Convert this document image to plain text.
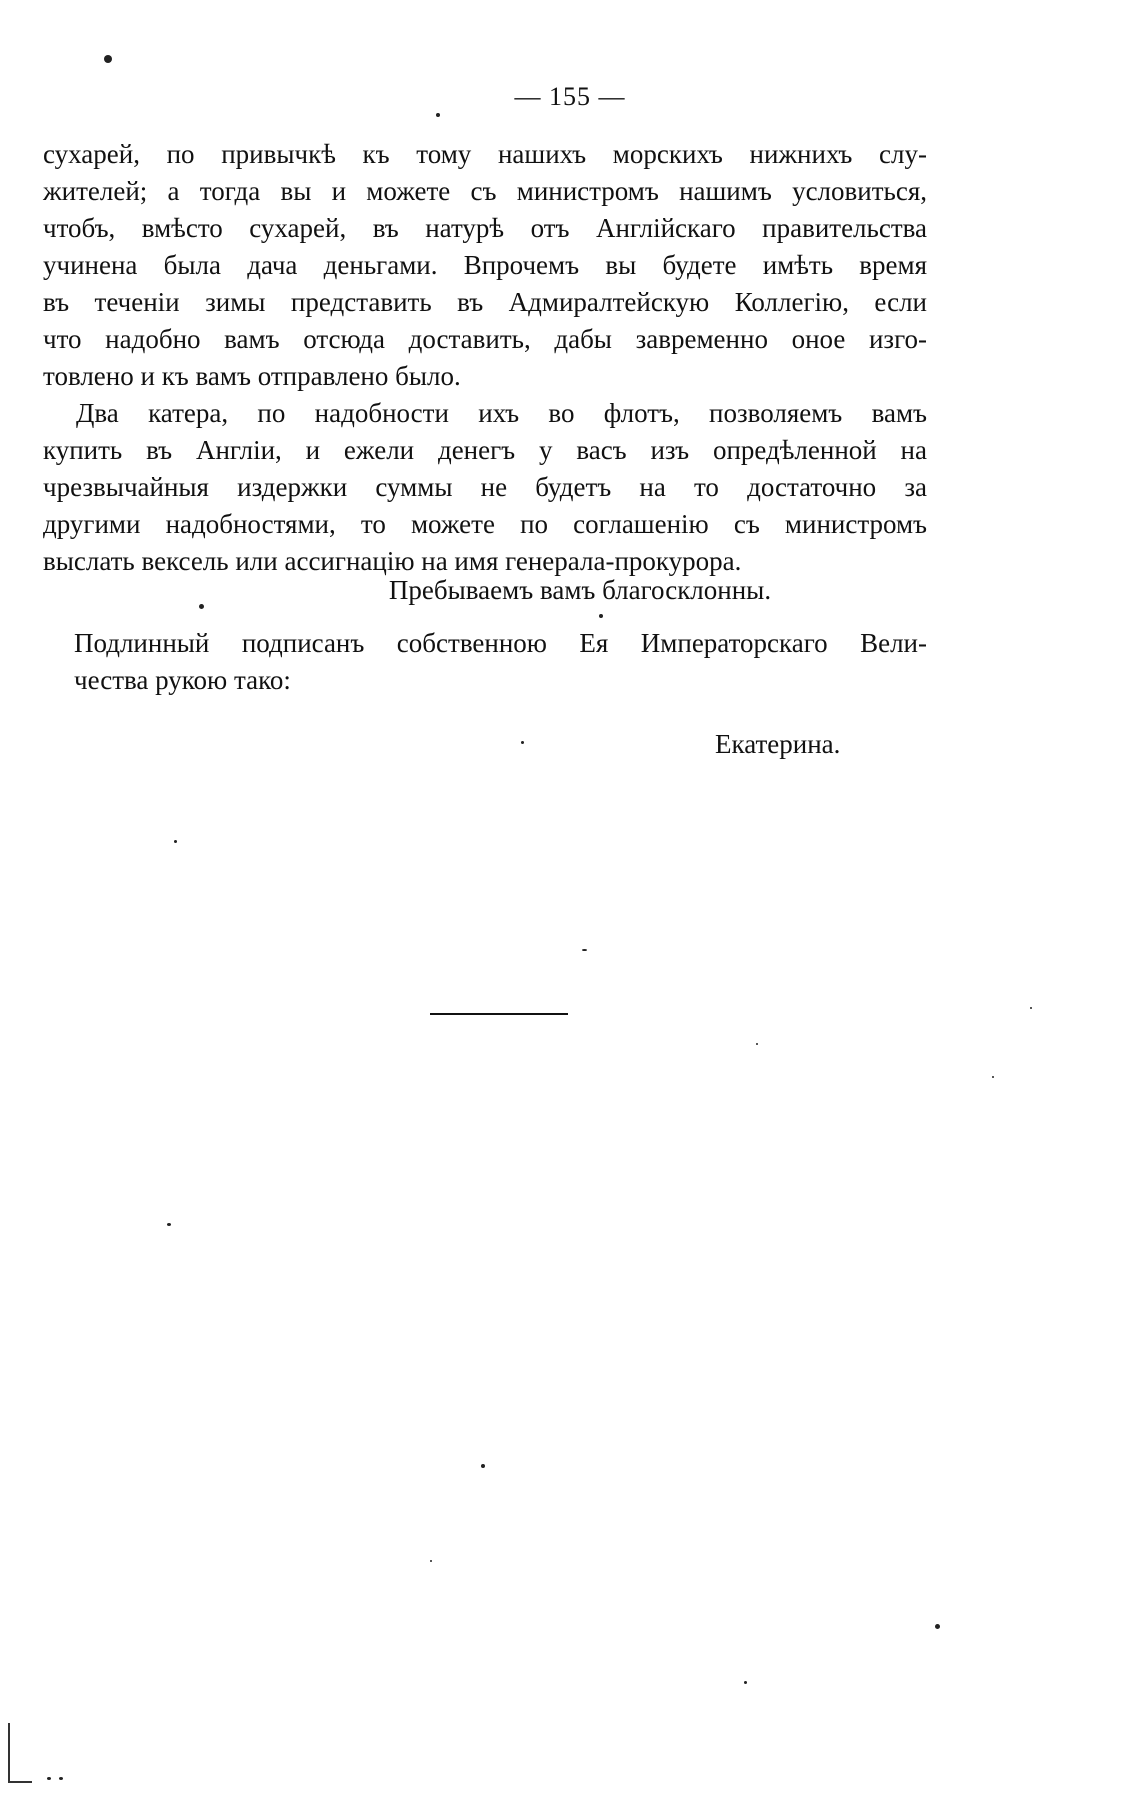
— 155 —
сухарей, по привычкѣ къ тому нашихъ морскихъ нижнихъ слу-
жителей; а тогда вы и можете съ министромъ нашимъ условиться,
чтобъ, вмѣсто сухарей, въ натурѣ отъ Англійскаго правительства
учинена была дача деньгами. Впрочемъ вы будете имѣть время
въ теченіи зимы представить въ Адмиралтейскую Коллегію, если
что надобно вамъ отсюда доставить, дабы завременно оное изго-
товлено и къ вамъ отправлено было.
Два катера, по надобности ихъ во флотъ, позволяемъ вамъ
купить въ Англіи, и ежели денегъ у васъ изъ опредѣленной на
чрезвычайныя издержки суммы не будетъ на то достаточно за
другими надобностями, то можете по соглашенію съ министромъ
выслать вексель или ассигнацію на имя генерала-прокурора.
Пребываемъ вамъ благосклонны.
Подлинный подписанъ собственною Ея Императорскаго Вели-
чества рукою тако:
Екатерина.
